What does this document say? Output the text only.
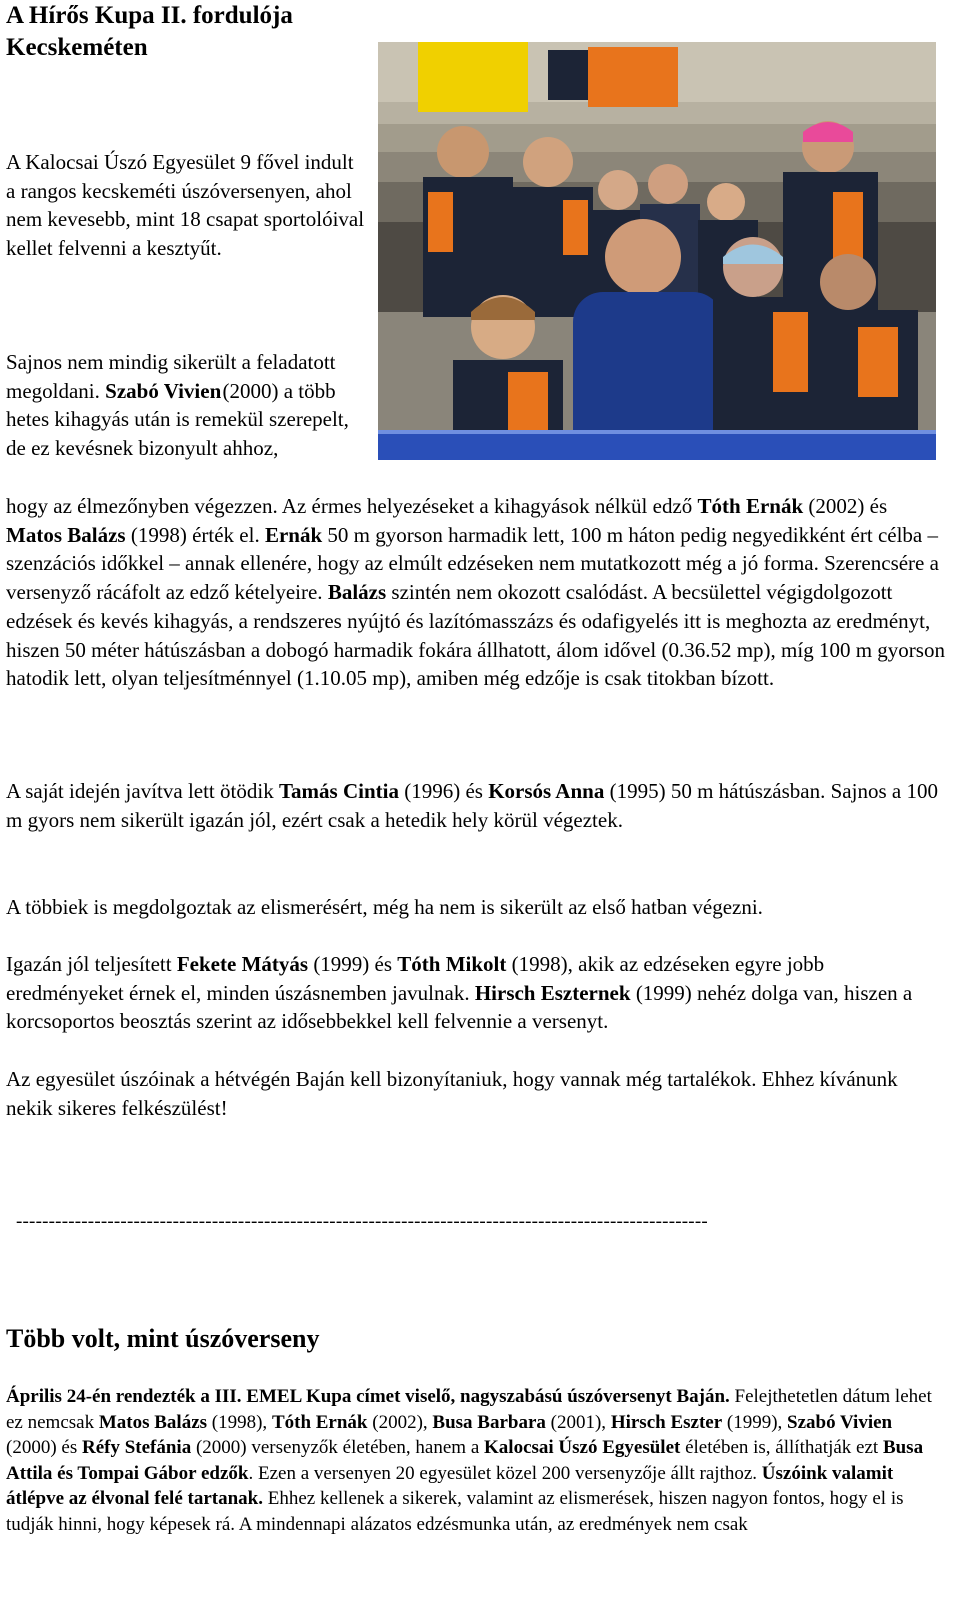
A Hírős Kupa II. fordulója Kecskeméten

A Kalocsai Úszó Egyesület 9 fővel indult a rangos kecskeméti úszóversenyen, ahol nem kevesebb, mint 18 csapat sportolóival kellet felvenni a kesztyűt.

Sajnos nem mindig sikerült a feladatott megoldani. Szabó Vivien
(2000) a több hetes kihagyás után is remekül szerepelt, de ez kevésnek bizonyult ahhoz,
hogy az élmezőnyben végezzen. Az érmes helyezéseket a kihagyások nélkül edző Tóth Ernák (2002) és Matos Balázs (1998) érték el. Ernák 50 m gyorson harmadik lett, 100 m háton pedig negyedikként ért célba – szenzációs időkkel – annak ellenére, hogy az elmúlt edzéseken nem mutatkozott még a jó forma. Szerencsére a versenyző rácáfolt az edző kételyeire. Balázs szintén nem okozott csalódást. A becsülettel végigdolgozott edzések és kevés kihagyás, a rendszeres nyújtó és lazítómasszázs és odafigyelés itt is meghozta az eredményt, hiszen 50 méter hátúszásban a dobogó harmadik fokára állhatott, álom idővel (0.36.52 mp), míg 100 m gyorson hatodik lett, olyan teljesítménnyel (1.10.05 mp), amiben még edzője is csak titokban bízott.

A saját idején javítva lett ötödik Tamás Cintia (1996) és Korsós Anna (1995) 50 m hátúszásban. Sajnos a 100 m gyors nem sikerült igazán jól, ezért csak a hetedik hely körül végeztek.

A többiek is megdolgoztak az elismerésért, még ha nem is sikerült az első hatban végezni.

Igazán jól teljesített Fekete Mátyás (1999) és Tóth Mikolt (1998), akik az edzéseken egyre jobb eredményeket érnek el, minden úszásnemben javulnak. Hirsch Eszternek (1999) nehéz dolga van, hiszen a korcsoportos beosztás szerint az idősebbekkel kell felvennie a versenyt.

Az egyesület úszóinak a hétvégén Baján kell bizonyítaniuk, hogy vannak még tartalékok. Ehhez kívánunk nekik sikeres felkészülést!

----------------------------------------------------------------------------------------------------------
Több volt, mint úszóverseny

Április 24-én rendezték a III. EMEL Kupa címet viselő, nagyszabású úszóversenyt Baján. Felejthetetlen dátum lehet ez nemcsak Matos Balázs (1998), Tóth Ernák (2002), Busa Barbara (2001), Hirsch Eszter (1999), Szabó Vivien (2000) és Réfy Stefánia (2000) versenyzők életében, hanem a Kalocsai Úszó Egyesület életében is, állíthatják ezt Busa Attila és Tompai Gábor edzők. Ezen a versenyen 20 egyesület közel 200 versenyzője állt rajthoz. Úszóink valamit átlépve az élvonal felé tartanak. Ehhez kellenek a sikerek, valamint az elismerések, hiszen nagyon fontos, hogy el is tudják hinni, hogy képesek rá. A mindennapi alázatos edzésmunka után, az eredmények nem csak
